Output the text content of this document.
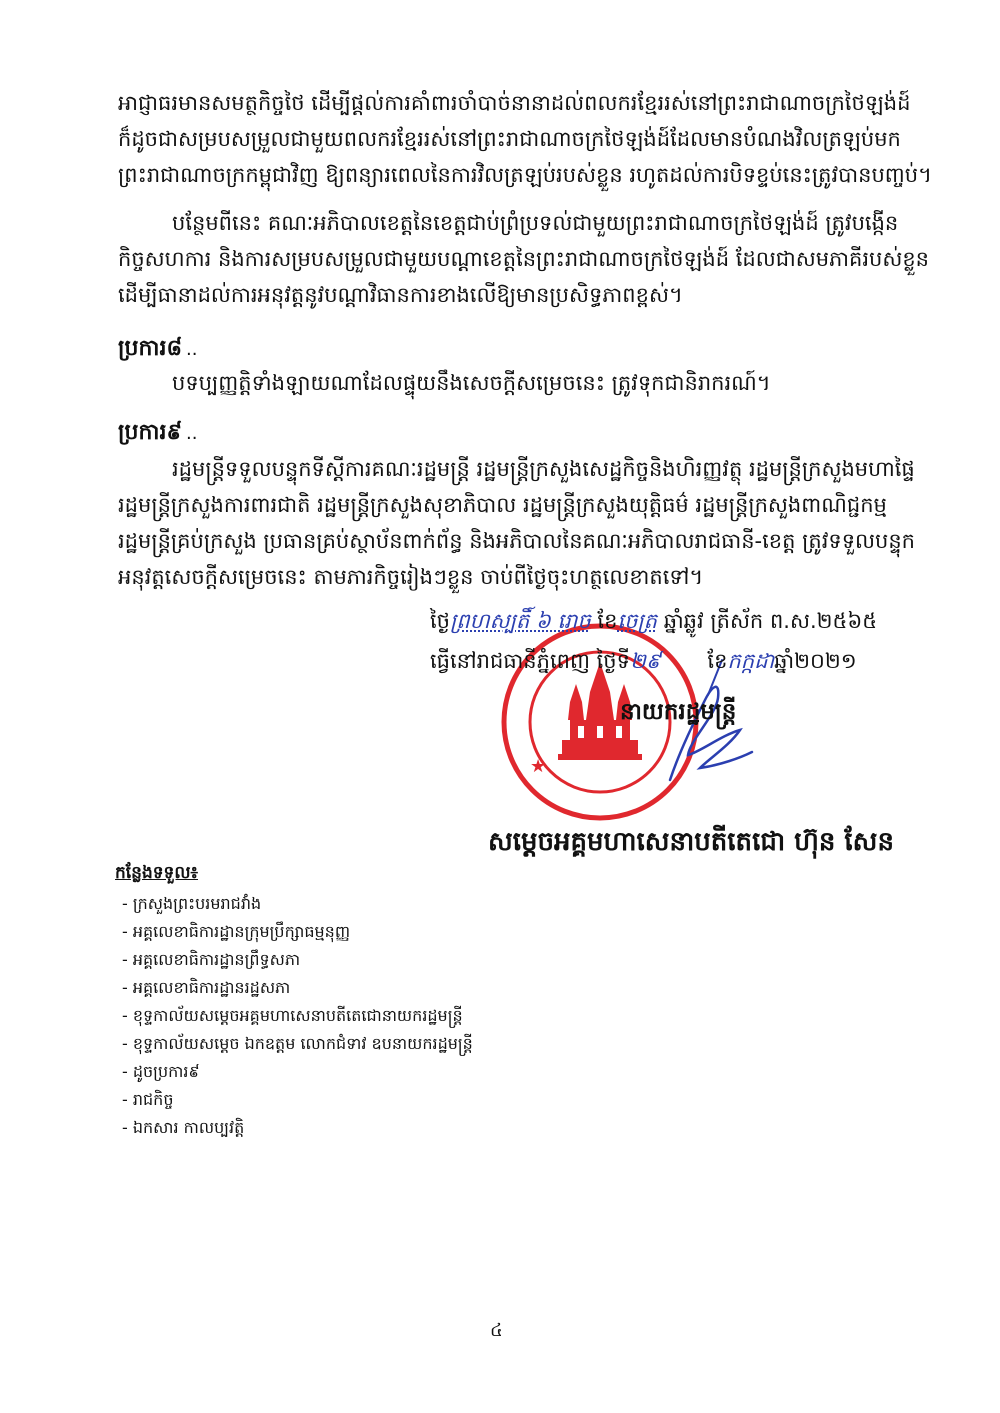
អាជ្ញាធរមានសមត្ថកិច្ចថៃ ដើម្បីផ្តល់ការគាំពារចាំបាច់នានាដល់ពលករខ្មែររស់នៅព្រះរាជាណាចក្រថៃឡង់ដ៍
ក៏ដូចជាសម្របសម្រួលជាមួយពលករខ្មែររស់នៅព្រះរាជាណាចក្រថៃឡង់ដ៍ដែលមានបំណងវិលត្រឡប់មក
ព្រះរាជាណាចក្រកម្ពុជាវិញ ឱ្យពន្យារពេលនៃការវិលត្រឡប់របស់ខ្លួន រហូតដល់ការបិទខ្ទប់នេះត្រូវបានបញ្ចប់។
បន្ថែមពីនេះ គណៈអភិបាលខេត្តនៃខេត្តជាប់ព្រំប្រទល់ជាមួយព្រះរាជាណាចក្រថៃឡង់ដ៍ ត្រូវបង្កើន
កិច្ចសហការ និងការសម្របសម្រួលជាមួយបណ្តាខេត្តនៃព្រះរាជាណាចក្រថៃឡង់ដ៍ ដែលជាសមភាគីរបស់ខ្លួន
ដើម្បីធានាដល់ការអនុវត្តនូវបណ្តាវិធានការខាងលើឱ្យមានប្រសិទ្ធភាពខ្ពស់។
ប្រការ៨ ..
បទប្បញ្ញត្តិទាំងឡាយណាដែលផ្ទុយនឹងសេចក្តីសម្រេចនេះ ត្រូវទុកជានិរាករណ៍។
ប្រការ៩ ..
រដ្ឋមន្ត្រីទទួលបន្ទុកទីស្តីការគណៈរដ្ឋមន្ត្រី រដ្ឋមន្ត្រីក្រសួងសេដ្ឋកិច្ចនិងហិរញ្ញវត្ថុ រដ្ឋមន្ត្រីក្រសួងមហាផ្ទៃ
រដ្ឋមន្ត្រីក្រសួងការពារជាតិ រដ្ឋមន្ត្រីក្រសួងសុខាភិបាល រដ្ឋមន្ត្រីក្រសួងយុត្តិធម៌ រដ្ឋមន្ត្រីក្រសួងពាណិជ្ជកម្ម
រដ្ឋមន្ត្រីគ្រប់ក្រសួង ប្រធានគ្រប់ស្ថាប័នពាក់ព័ន្ធ និងអភិបាលនៃគណៈអភិបាលរាជធានី-ខេត្ត ត្រូវទទួលបន្ទុក
អនុវត្តសេចក្តីសម្រេចនេះ តាមភារកិច្ចរៀងៗខ្លួន ចាប់ពីថ្ងៃចុះហត្ថលេខាតទៅ។
★
ថ្ងៃព្រហស្បតិ៍ ៦ រោច ខែចេត្រ ឆ្នាំឆ្លូវ ត្រីស័ក ព.ស.២៥៦៥
ធ្វើនៅរាជធានីភ្នំពេញ ថ្ងៃទី២៩ ខែកក្កដាឆ្នាំ២០២១
នាយករដ្ឋមន្ត្រី
សម្តេចអគ្គមហាសេនាបតីតេជោ ហ៊ុន សែន
កន្លែងទទួល៖
- ក្រសួងព្រះបរមរាជវាំង
- អគ្គលេខាធិការដ្ឋានក្រុមប្រឹក្សាធម្មនុញ្ញ
- អគ្គលេខាធិការដ្ឋានព្រឹទ្ធសភា
- អគ្គលេខាធិការដ្ឋានរដ្ឋសភា
- ខុទ្ទកាល័យសម្តេចអគ្គមហាសេនាបតីតេជោនាយករដ្ឋមន្ត្រី
- ខុទ្ទកាល័យសម្តេច ឯកឧត្តម លោកជំទាវ ឧបនាយករដ្ឋមន្ត្រី
- ដូចប្រការ៩
- រាជកិច្ច
- ឯកសារ កាលប្បវត្តិ
៤
